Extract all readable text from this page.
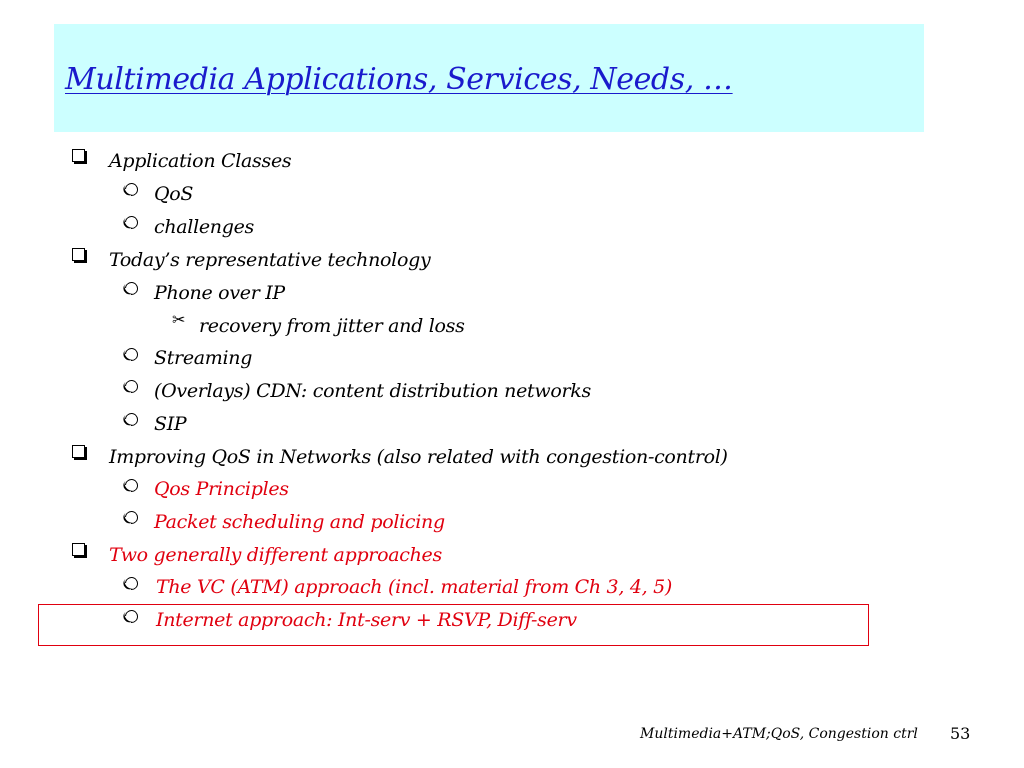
Multimedia Applications, Services, Needs, …
Application Classes
QoS
challenges
Today’s representative technology
Phone over IP
✂ recovery from jitter and loss
Streaming
(Overlays) CDN: content distribution networks
SIP
Improving QoS in Networks (also related with congestion-control)
Qos Principles
Packet scheduling and policing
Two generally different approaches
The VC (ATM) approach (incl. material from Ch 3, 4, 5)
Internet approach: Int-serv + RSVP, Diff-serv
Multimedia+ATM;QoS, Congestion ctrl 53
